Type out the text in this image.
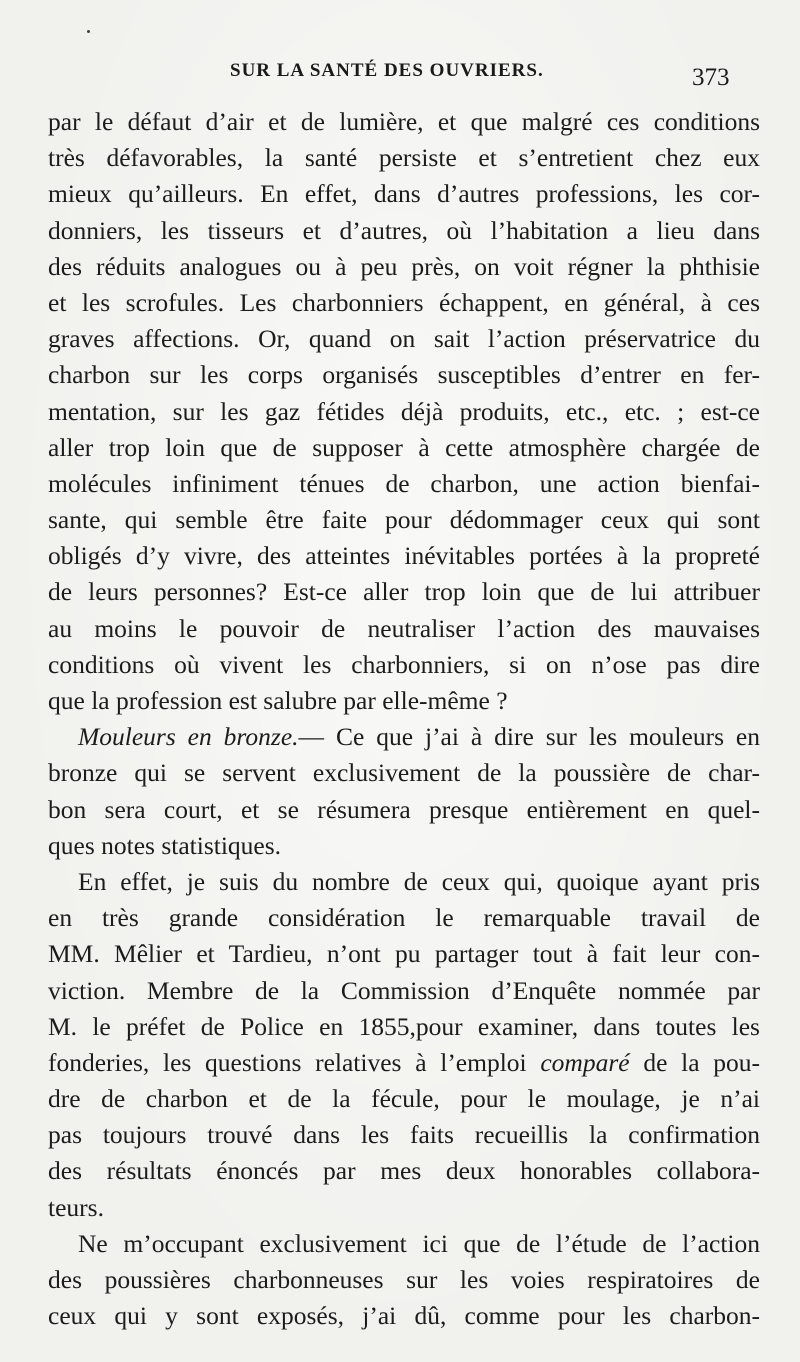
SUR LA SANTÉ DES OUVRIERS.	373
par le défaut d’air et de lumière, et que malgré ces conditions
très défavorables, la santé persiste et s’entretient chez eux
mieux qu’ailleurs. En effet, dans d’autres professions, les cor-
donniers, les tisseurs et d’autres, où l’habitation a lieu dans
des réduits analogues ou à peu près, on voit régner la phthisie
et les scrofules. Les charbonniers échappent, en général, à ces
graves affections. Or, quand on sait l’action préservatrice du
charbon sur les corps organisés susceptibles d’entrer en fer-
mentation, sur les gaz fétides déjà produits, etc., etc. ; est-ce
aller trop loin que de supposer à cette atmosphère chargée de
molécules infiniment ténues de charbon, une action bienfai-
sante, qui semble être faite pour dédommager ceux qui sont
obligés d’y vivre, des atteintes inévitables portées à la propreté
de leurs personnes? Est-ce aller trop loin que de lui attribuer
au moins le pouvoir de neutraliser l’action des mauvaises
conditions où vivent les charbonniers, si on n’ose pas dire
que la profession est salubre par elle-même ?
Mouleurs en bronze.— Ce que j’ai à dire sur les mouleurs en
bronze qui se servent exclusivement de la poussière de char-
bon sera court, et se résumera presque entièrement en quel-
ques notes statistiques.
En effet, je suis du nombre de ceux qui, quoique ayant pris
en très grande considération le remarquable travail de
MM. Mêlier et Tardieu, n’ont pu partager tout à fait leur con-
viction. Membre de la Commission d’Enquête nommée par
M. le préfet de Police en 1855,pour examiner, dans toutes les
fonderies, les questions relatives à l’emploi comparé de la pou-
dre de charbon et de la fécule, pour le moulage, je n’ai
pas toujours trouvé dans les faits recueillis la confirmation
des résultats énoncés par mes deux honorables collabora-
teurs.
Ne m’occupant exclusivement ici que de l’étude de l’action
des poussières charbonneuses sur les voies respiratoires de
ceux qui y sont exposés, j’ai dû, comme pour les charbon-
